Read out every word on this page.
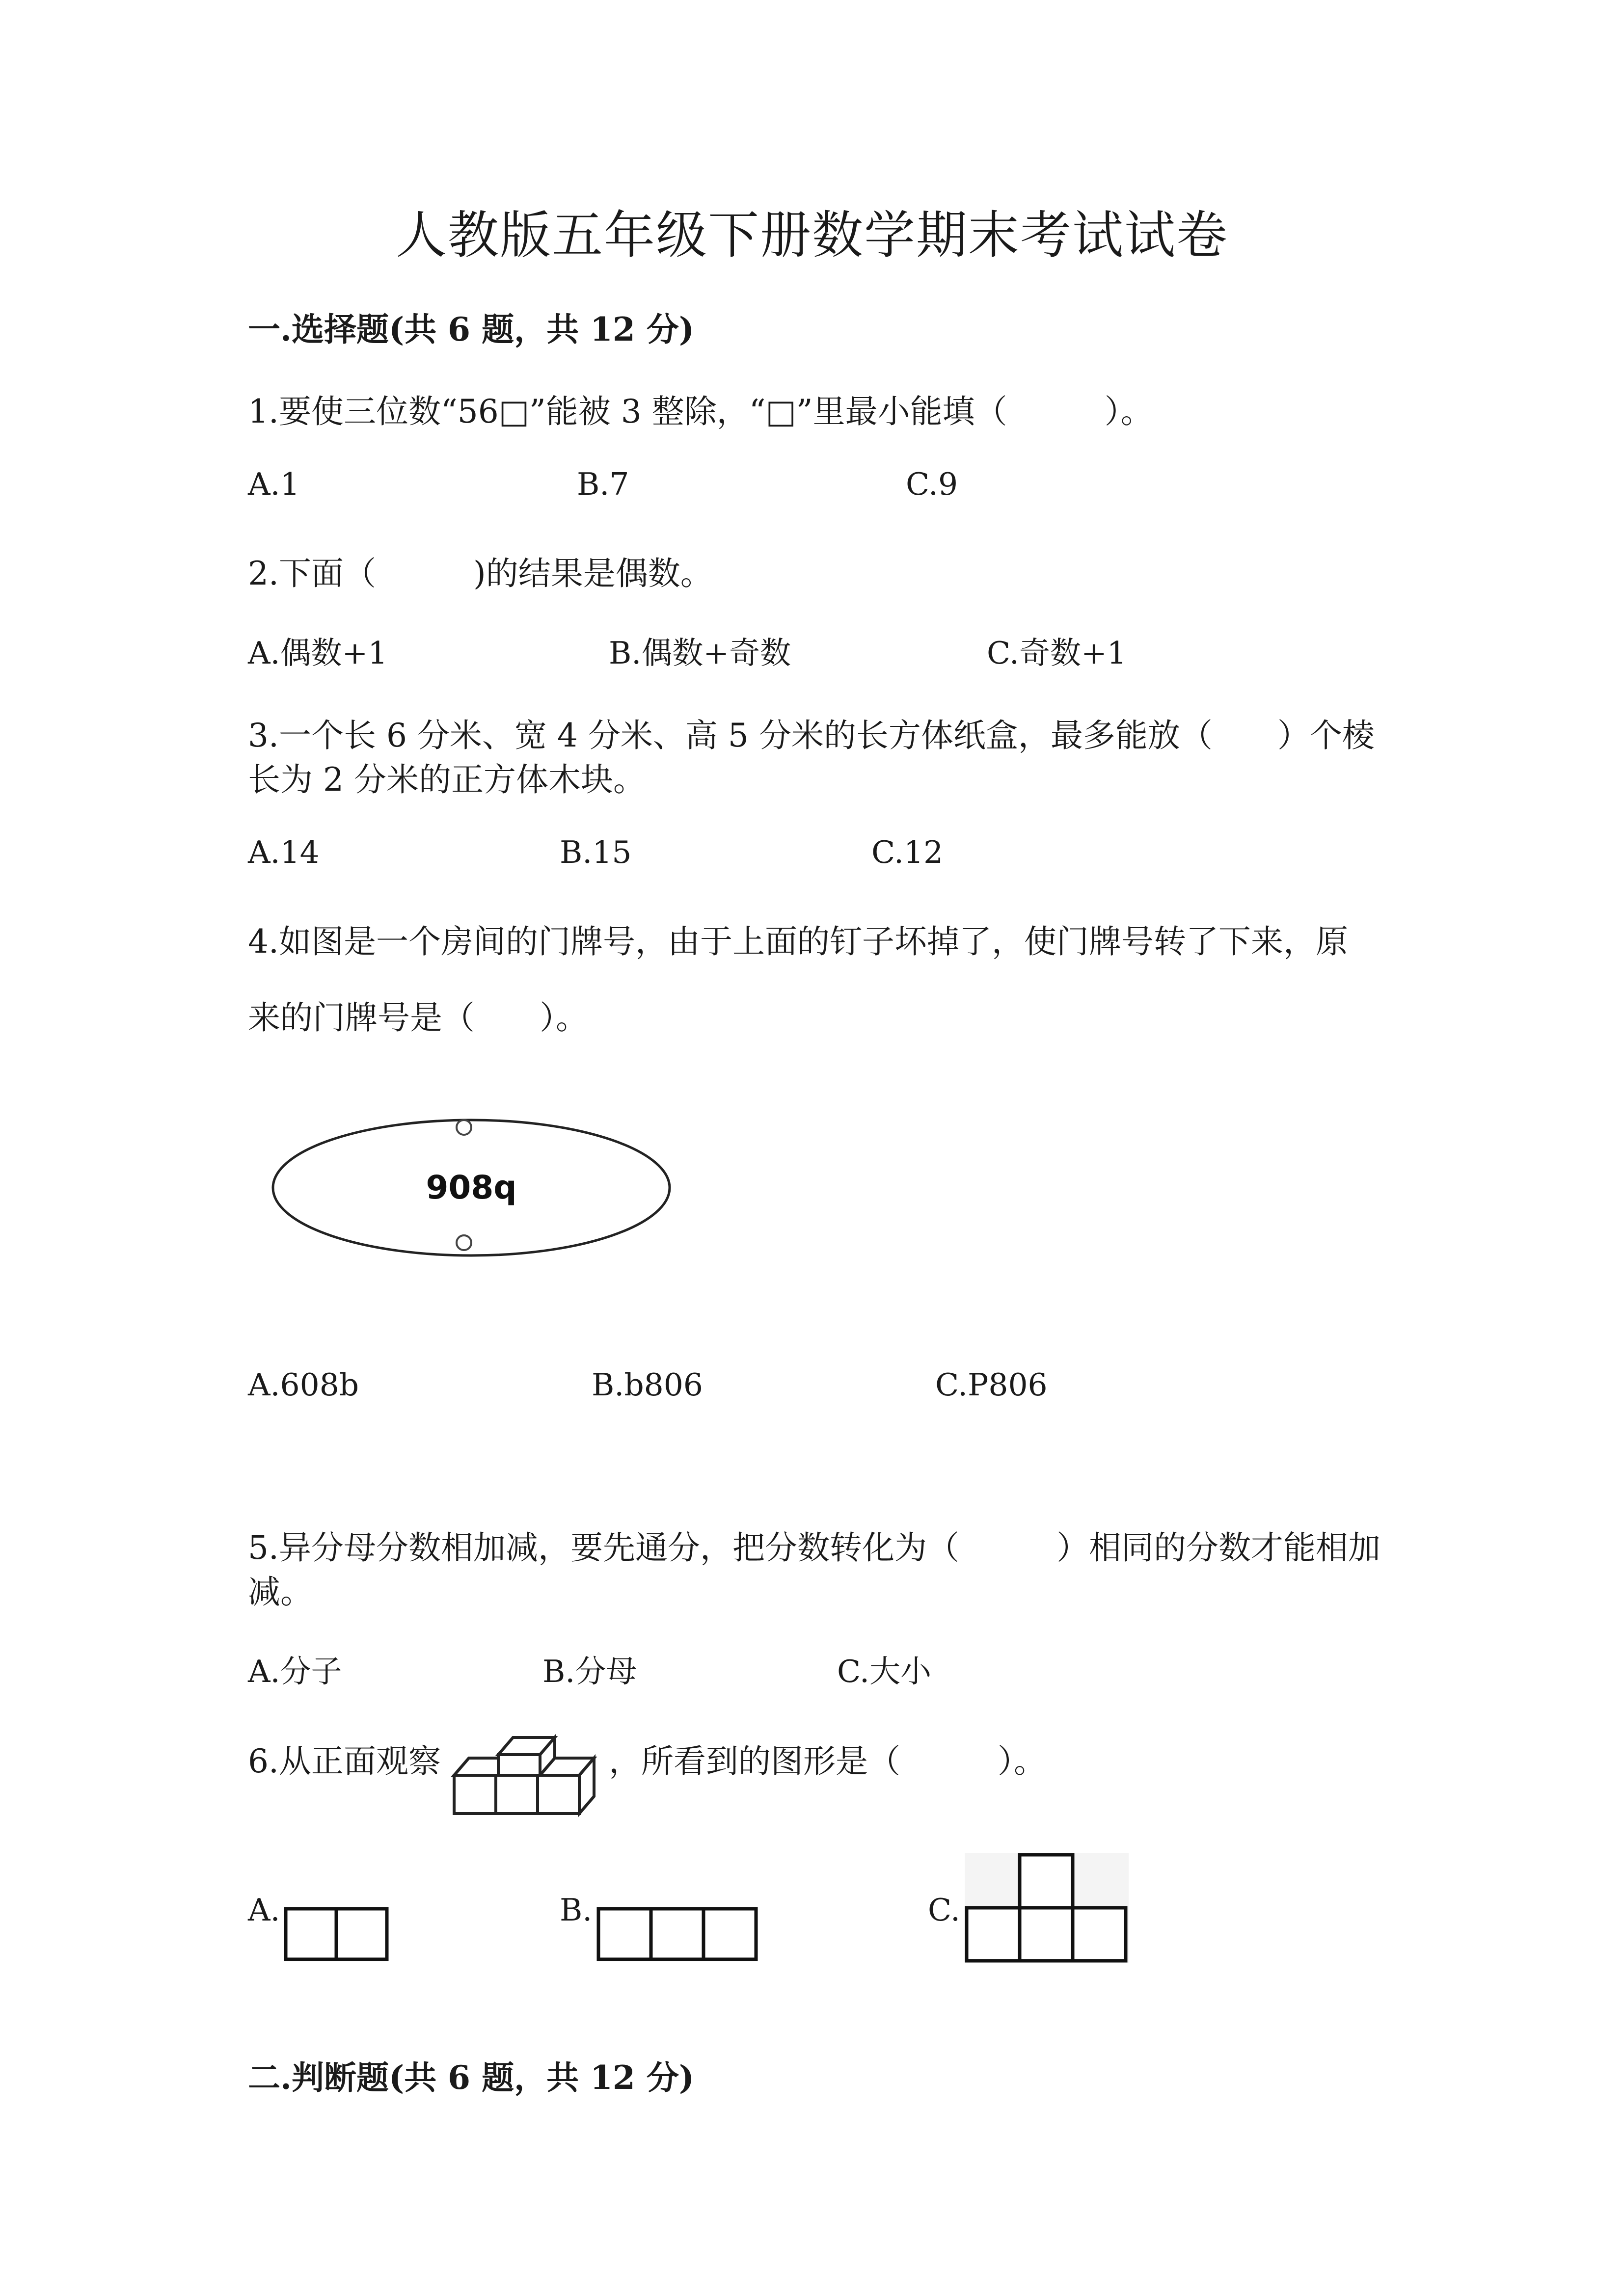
人教版五年级下册数学期末考试试卷
一.选择题(共 6 题，共 12 分)
1.要使三位数“56□”能被 3 整除，“□”里最小能填（　　　）。
A.1	B.7	C.9
2.下面（　　　)的结果是偶数。
A.偶数+1	B.偶数+奇数	C.奇数+1
3.一个长 6 分米、宽 4 分米、高 5 分米的长方体纸盒，最多能放（　　）个棱
长为 2 分米的正方体木块。
A.14	B.15	C.12
4.如图是一个房间的门牌号，由于上面的钉子坏掉了，使门牌号转了下来，原
来的门牌号是（　　）。
908q
A.608b	B.b806	C.P806
5.异分母分数相加减，要先通分，把分数转化为（　　　）相同的分数才能相加
减。
A.分子	B.分母	C.大小
6.从正面观察	，所看到的图形是（　　　）。
A.	B.	C.
二.判断题(共 6 题，共 12 分)
